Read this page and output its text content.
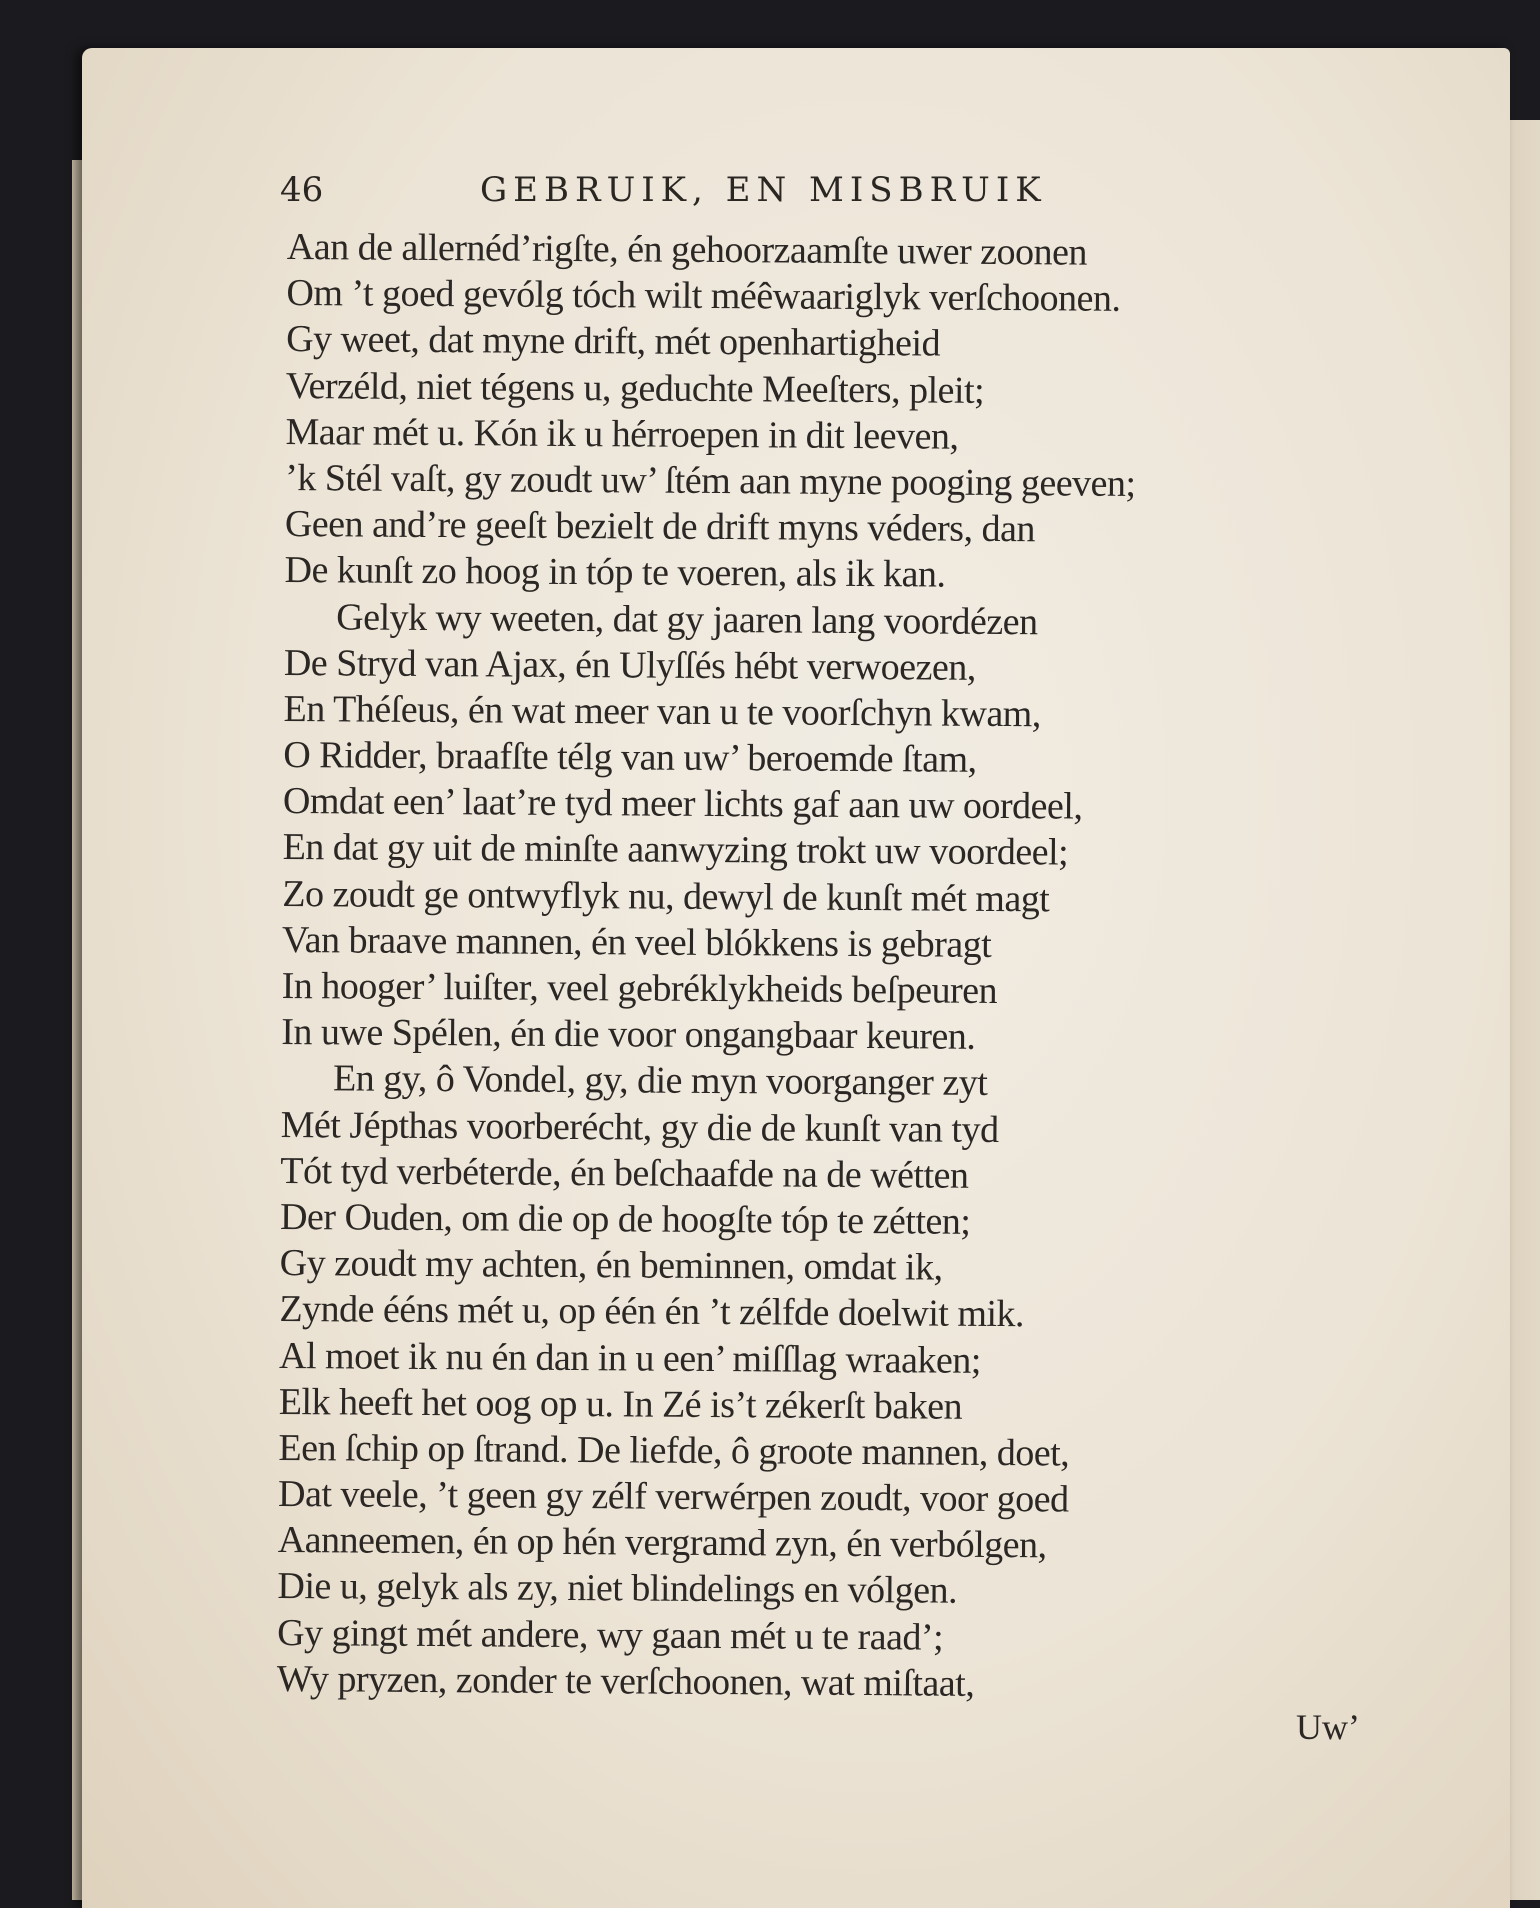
46	GEBRUIK, EN MISBRUIK
Aan de allernéd’rigſte, én gehoorzaamſte uwer zoonen
Om ’t goed gevólg tóch wilt méêwaariglyk verſchoonen.
Gy weet, dat myne drift, mét openhartigheid
Verzéld, niet tégens u, geduchte Meeſters, pleit;
Maar mét u. Kón ik u hérroepen in dit leeven,
’k Stél vaſt, gy zoudt uw’ ſtém aan myne pooging geeven;
Geen and’re geeſt bezielt de drift myns véders, dan
De kunſt zo hoog in tóp te voeren, als ik kan.
Gelyk wy weeten, dat gy jaaren lang voordézen
De Stryd van Ajax, én Ulyſſés hébt verwoezen,
En Théſeus, én wat meer van u te voorſchyn kwam,
O Ridder, braafſte télg van uw’ beroemde ſtam,
Omdat een’ laat’re tyd meer lichts gaf aan uw oordeel,
En dat gy uit de minſte aanwyzing trokt uw voordeel;
Zo zoudt ge ontwyflyk nu, dewyl de kunſt mét magt
Van braave mannen, én veel blókkens is gebragt
In hooger’ luiſter, veel gebréklykheids beſpeuren
In uwe Spélen, én die voor ongangbaar keuren.
En gy, ô Vondel, gy, die myn voorganger zyt
Mét Jépthas voorberécht, gy die de kunſt van tyd
Tót tyd verbéterde, én beſchaafde na de wétten
Der Ouden, om die op de hoogſte tóp te zétten;
Gy zoudt my achten, én beminnen, omdat ik,
Zynde ééns mét u, op één én ’t zélfde doelwit mik.
Al moet ik nu én dan in u een’ miſſlag wraaken;
Elk heeft het oog op u. In Zé is’t zékerſt baken
Een ſchip op ſtrand. De liefde, ô groote mannen, doet,
Dat veele, ’t geen gy zélf verwérpen zoudt, voor goed
Aanneemen, én op hén vergramd zyn, én verbólgen,
Die u, gelyk als zy, niet blindelings en vólgen.
Gy gingt mét andere, wy gaan mét u te raad’;
Wy pryzen, zonder te verſchoonen, wat miſtaat,
Uw’
